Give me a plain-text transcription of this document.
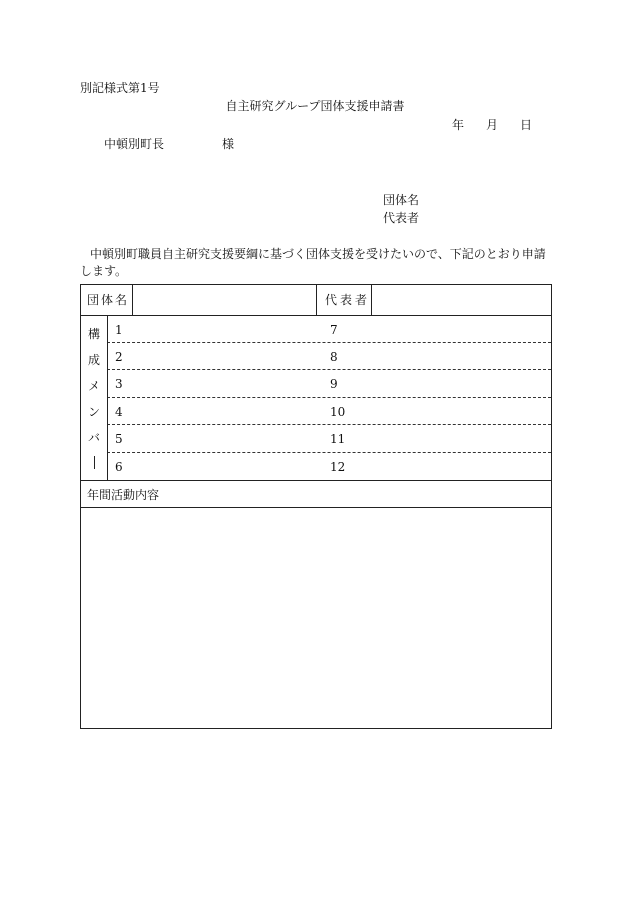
別記様式第1号
自主研究グループ団体支援申請書
年 月 日
中頓別町長	様
団体名
代表者
中頓別町職員自主研究支援要綱に基づく団体支援を受けたいので、下記のとおり申請します。
団体名	代表者
構
成
メ
ン
バ
1
2
3
4
5
6
7
8
9
10
11
12
年間活動内容
